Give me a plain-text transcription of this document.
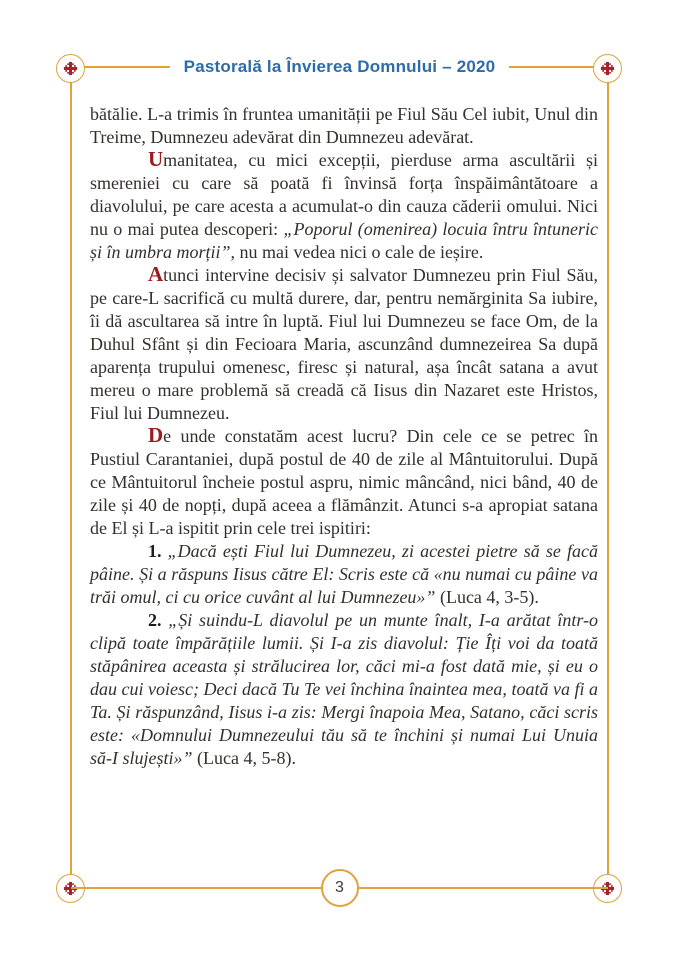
Pastorală la Învierea Domnului – 2020

bătălie. L-a trimis în fruntea umanității pe Fiul Său Cel iubit, Unul din Treime, Dumnezeu adevărat din Dumnezeu adevărat.

Umanitatea, cu mici excepții, pierduse arma ascultării și smereniei cu care să poată fi învinsă forța înspăimântătoare a diavolului, pe care acesta a acumulat-o din cauza căderii omului. Nici nu o mai putea descoperi: „Poporul (omenirea) locuia întru întuneric și în umbra morții”, nu mai vedea nici o cale de ieșire.

Atunci intervine decisiv și salvator Dumnezeu prin Fiul Său, pe care-L sacrifică cu multă durere, dar, pentru nemărginita Sa iubire, îi dă ascultarea să intre în luptă. Fiul lui Dumnezeu se face Om, de la Duhul Sfânt și din Fecioara Maria, ascunzând dumnezeirea Sa după aparența trupului omenesc, firesc și natural, așa încât satana a avut mereu o mare problemă să creadă că Iisus din Nazaret este Hristos, Fiul lui Dumnezeu.

De unde constatăm acest lucru? Din cele ce se petrec în Pustiul Carantaniei, după postul de 40 de zile al Mântuitorului. După ce Mântuitorul încheie postul aspru, nimic mâncând, nici bând, 40 de zile și 40 de nopți, după aceea a flămânzit. Atunci s-a apropiat satana de El și L-a ispitit prin cele trei ispitiri:

1. „Dacă ești Fiul lui Dumnezeu, zi acestei pietre să se facă pâine. Și a răspuns Iisus către El: Scris este că «nu numai cu pâine va trăi omul, ci cu orice cuvânt al lui Dumnezeu»” (Luca 4, 3-5).

2. „Și suindu-L diavolul pe un munte înalt, I-a arătat într-o clipă toate împărățiile lumii. Și I-a zis diavolul: Ție Îți voi da toată stăpânirea aceasta și strălucirea lor, căci mi-a fost dată mie, și eu o dau cui voiesc; Deci dacă Tu Te vei închina înaintea mea, toată va fi a Ta. Și răspunzând, Iisus i-a zis: Mergi înapoia Mea, Satano, căci scris este: «Domnului Dumnezeului tău să te închini și numai Lui Unuia să-I slujești»” (Luca 4, 5-8).

3
